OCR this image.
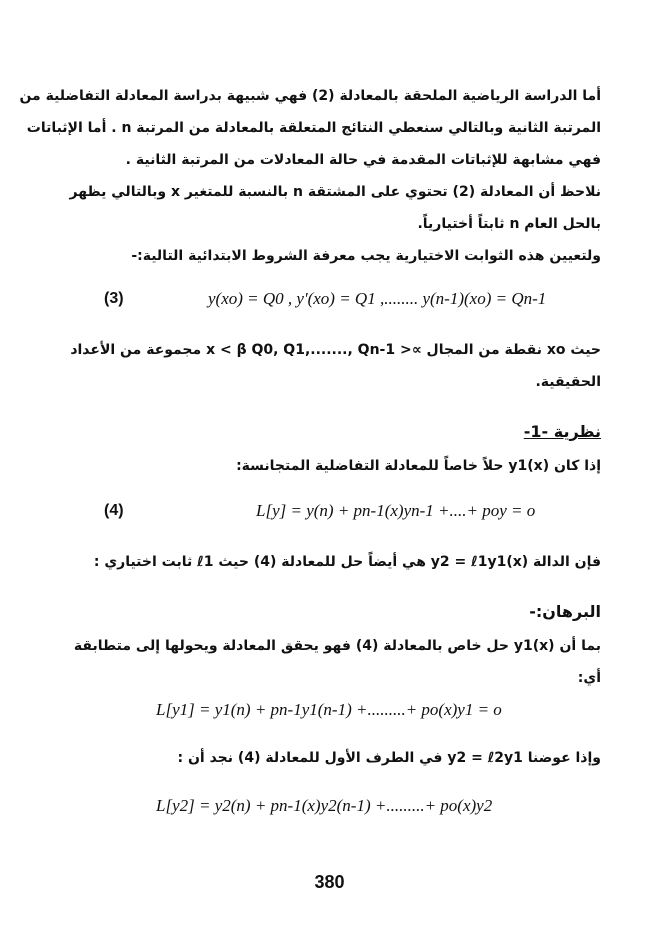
أما الدراسة الرياضية الملحقة بالمعادلة (2) فهي شبيهة بدراسة المعادلة التفاضلية من
المرتبة الثانية وبالتالي سنعطي النتائج المتعلقة بالمعادلة من المرتبة n . أما الإثباتات
فهي مشابهة للإثباتات المقدمة في حالة المعادلات من المرتبة الثانية .
نلاحظ أن المعادلة (2) تحتوي على المشتقة n بالنسبة للمتغير x وبالتالي يظهر
بالحل العام n ثابتاً أختيارياً.
ولتعيين هذه الثوابت الاختيارية يجب معرفة الشروط الابتدائية التالية:-
(3)	y(xo) = Q0 , y'(xo) = Q1 ,........ y(n-1)(xo) = Qn-1
حيث xo نقطة من المجال ∝< x < β Q0, Q1,......., Qn-1 مجموعة من الأعداد
الحقيقية.
نظرية -1-
إذا كان y1(x) حلاً خاصاً للمعادلة التفاضلية المتجانسة:
(4)	L[y] = y(n) + pn-1(x)yn-1 +....+ poy = o
فإن الدالة y2 = ℓ1y1(x) هي أيضاً حل للمعادلة (4) حيث ℓ1 ثابت اختياري :
البرهان:-
بما أن y1(x) حل خاص بالمعادلة (4) فهو يحقق المعادلة ويحولها إلى متطابقة
أي:
L[y1] = y1(n) + pn-1y1(n-1) +.........+ po(x)y1 = o
وإذا عوضنا y2 = ℓ2y1 في الطرف الأول للمعادلة (4) نجد أن :
L[y2] = y2(n) + pn-1(x)y2(n-1) +.........+ po(x)y2
380
